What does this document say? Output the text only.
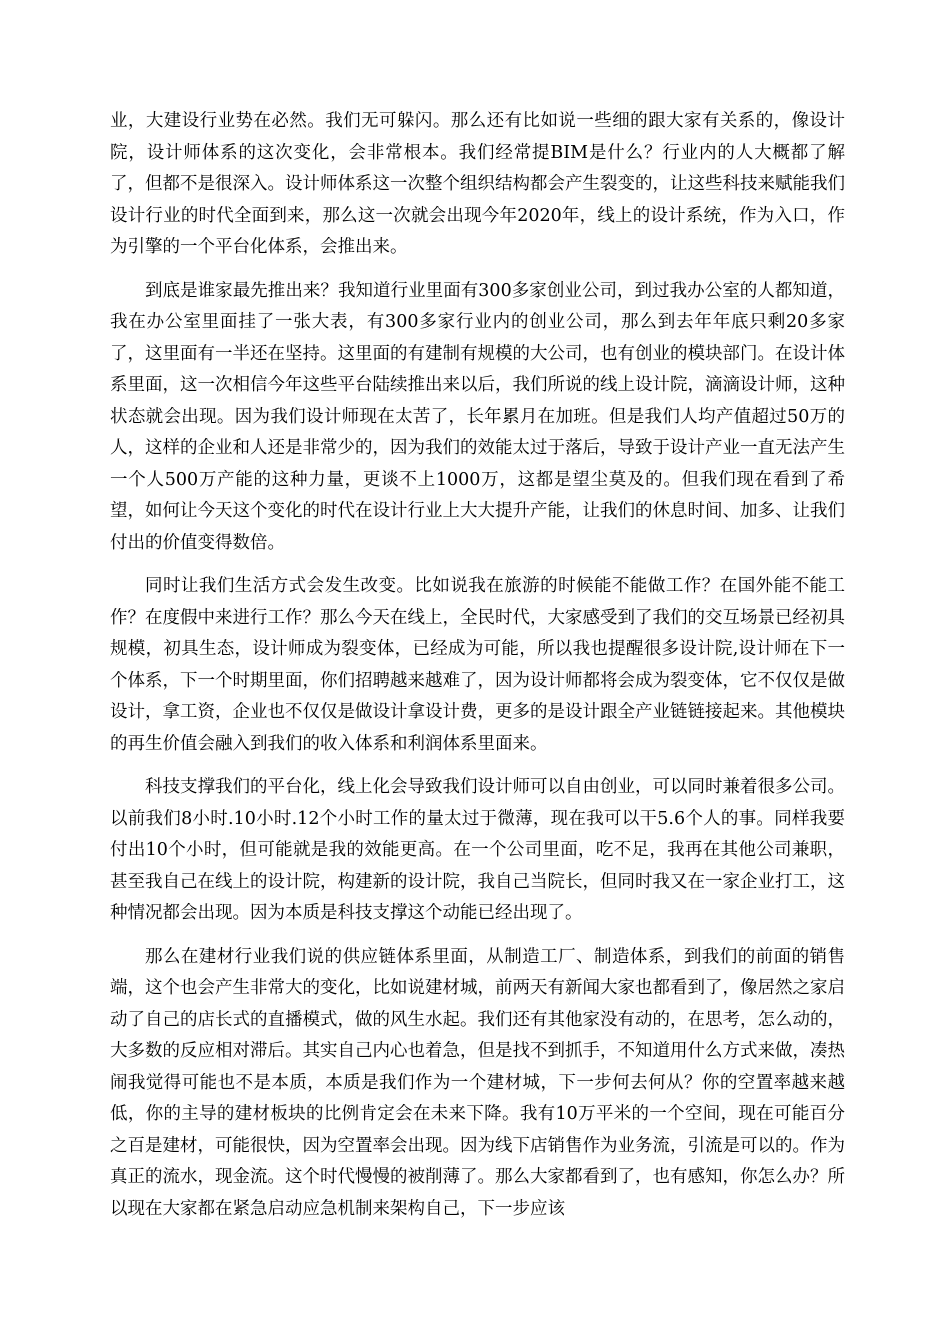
业，大建设行业势在必然。我们无可躲闪。那么还有比如说一些细的跟大家有关系的，像设计院，设计师体系的这次变化，会非常根本。我们经常提BIM是什么？行业内的人大概都了解了，但都不是很深入。设计师体系这一次整个组织结构都会产生裂变的，让这些科技来赋能我们设计行业的时代全面到来，那么这一次就会出现今年2020年，线上的设计系统，作为入口，作为引擎的一个平台化体系，会推出来。

到底是谁家最先推出来？我知道行业里面有300多家创业公司，到过我办公室的人都知道，我在办公室里面挂了一张大表，有300多家行业内的创业公司，那么到去年年底只剩20多家了，这里面有一半还在坚持。这里面的有建制有规模的大公司，也有创业的模块部门。在设计体系里面，这一次相信今年这些平台陆续推出来以后，我们所说的线上设计院，滴滴设计师，这种状态就会出现。因为我们设计师现在太苦了，长年累月在加班。但是我们人均产值超过50万的人，这样的企业和人还是非常少的，因为我们的效能太过于落后，导致于设计产业一直无法产生一个人500万产能的这种力量，更谈不上1000万，这都是望尘莫及的。但我们现在看到了希望，如何让今天这个变化的时代在设计行业上大大提升产能，让我们的休息时间、加多、让我们付出的价值变得数倍。

同时让我们生活方式会发生改变。比如说我在旅游的时候能不能做工作？在国外能不能工作？在度假中来进行工作？那么今天在线上，全民时代，大家感受到了我们的交互场景已经初具规模，初具生态，设计师成为裂变体，已经成为可能，所以我也提醒很多设计院,设计师在下一个体系，下一个时期里面，你们招聘越来越难了，因为设计师都将会成为裂变体，它不仅仅是做设计，拿工资，企业也不仅仅是做设计拿设计费，更多的是设计跟全产业链链接起来。其他模块的再生价值会融入到我们的收入体系和利润体系里面来。

科技支撑我们的平台化，线上化会导致我们设计师可以自由创业，可以同时兼着很多公司。以前我们8小时.10小时.12个小时工作的量太过于微薄，现在我可以干5.6个人的事。同样我要付出10个小时，但可能就是我的效能更高。在一个公司里面，吃不足，我再在其他公司兼职，甚至我自己在线上的设计院，构建新的设计院，我自己当院长，但同时我又在一家企业打工，这种情况都会出现。因为本质是科技支撑这个动能已经出现了。

那么在建材行业我们说的供应链体系里面，从制造工厂、制造体系，到我们的前面的销售端，这个也会产生非常大的变化，比如说建材城，前两天有新闻大家也都看到了，像居然之家启动了自己的店长式的直播模式，做的风生水起。我们还有其他家没有动的，在思考，怎么动的，大多数的反应相对滞后。其实自己内心也着急，但是找不到抓手，不知道用什么方式来做，凑热闹我觉得可能也不是本质，本质是我们作为一个建材城，下一步何去何从？你的空置率越来越低，你的主导的建材板块的比例肯定会在未来下降。我有10万平米的一个空间，现在可能百分之百是建材，可能很快，因为空置率会出现。因为线下店销售作为业务流，引流是可以的。作为真正的流水，现金流。这个时代慢慢的被削薄了。那么大家都看到了，也有感知，你怎么办？所以现在大家都在紧急启动应急机制来架构自己，下一步应该
